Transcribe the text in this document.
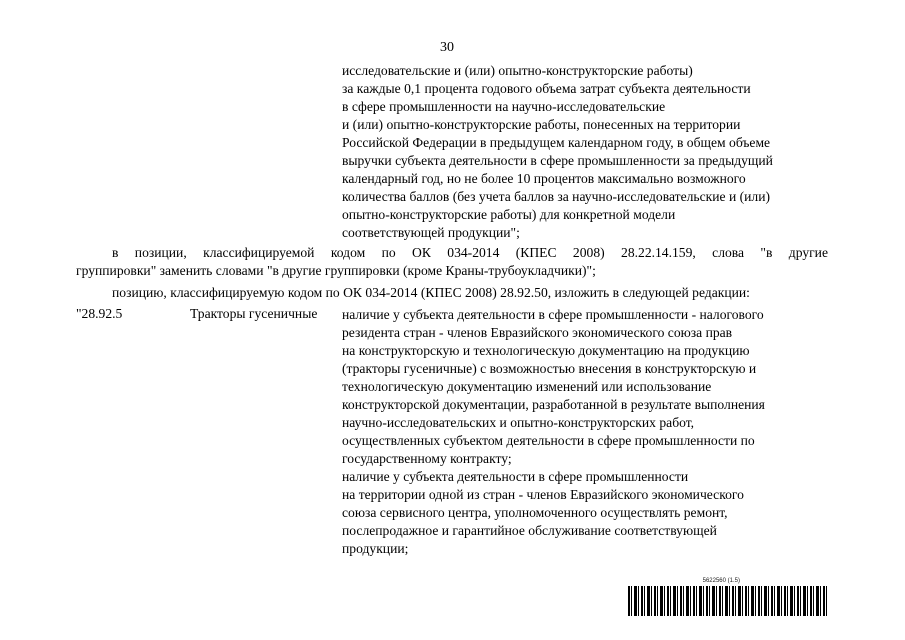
30
исследовательские и (или) опытно-конструкторские работы)
за каждые 0,1 процента годового объема затрат субъекта деятельности
в сфере промышленности на научно-исследовательские
и (или) опытно-конструкторские работы, понесенных на территории
Российской Федерации в предыдущем календарном году, в общем объеме
выручки субъекта деятельности в сфере промышленности за предыдущий
календарный год, но не более 10 процентов максимально возможного
количества баллов (без учета баллов за научно-исследовательские и (или)
опытно-конструкторские работы) для конкретной модели
соответствующей продукции";
в позиции, классифицируемой кодом по ОК 034-2014 (КПЕС 2008) 28.22.14.159, слова "в другие
группировки" заменить словами "в другие группировки (кроме Краны-трубоукладчики)";
позицию, классифицируемую кодом по ОК 034-2014 (КПЕС 2008) 28.92.50, изложить в следующей редакции:
"28.92.5	Тракторы гусеничные наличие у субъекта деятельности в сфере промышленности - налогового
резидента стран - членов Евразийского экономического союза прав
на конструкторскую и технологическую документацию на продукцию
(тракторы гусеничные) с возможностью внесения в конструкторскую и
технологическую документацию изменений или использование
конструкторской документации, разработанной в результате выполнения
научно-исследовательских и опытно-конструкторских работ,
осуществленных субъектом деятельности в сфере промышленности по
государственному контракту;
наличие у субъекта деятельности в сфере промышленности
на территории одной из стран - членов Евразийского экономического
союза сервисного центра, уполномоченного осуществлять ремонт,
послепродажное и гарантийное обслуживание соответствующей
продукции;
5622560 (1.5)
